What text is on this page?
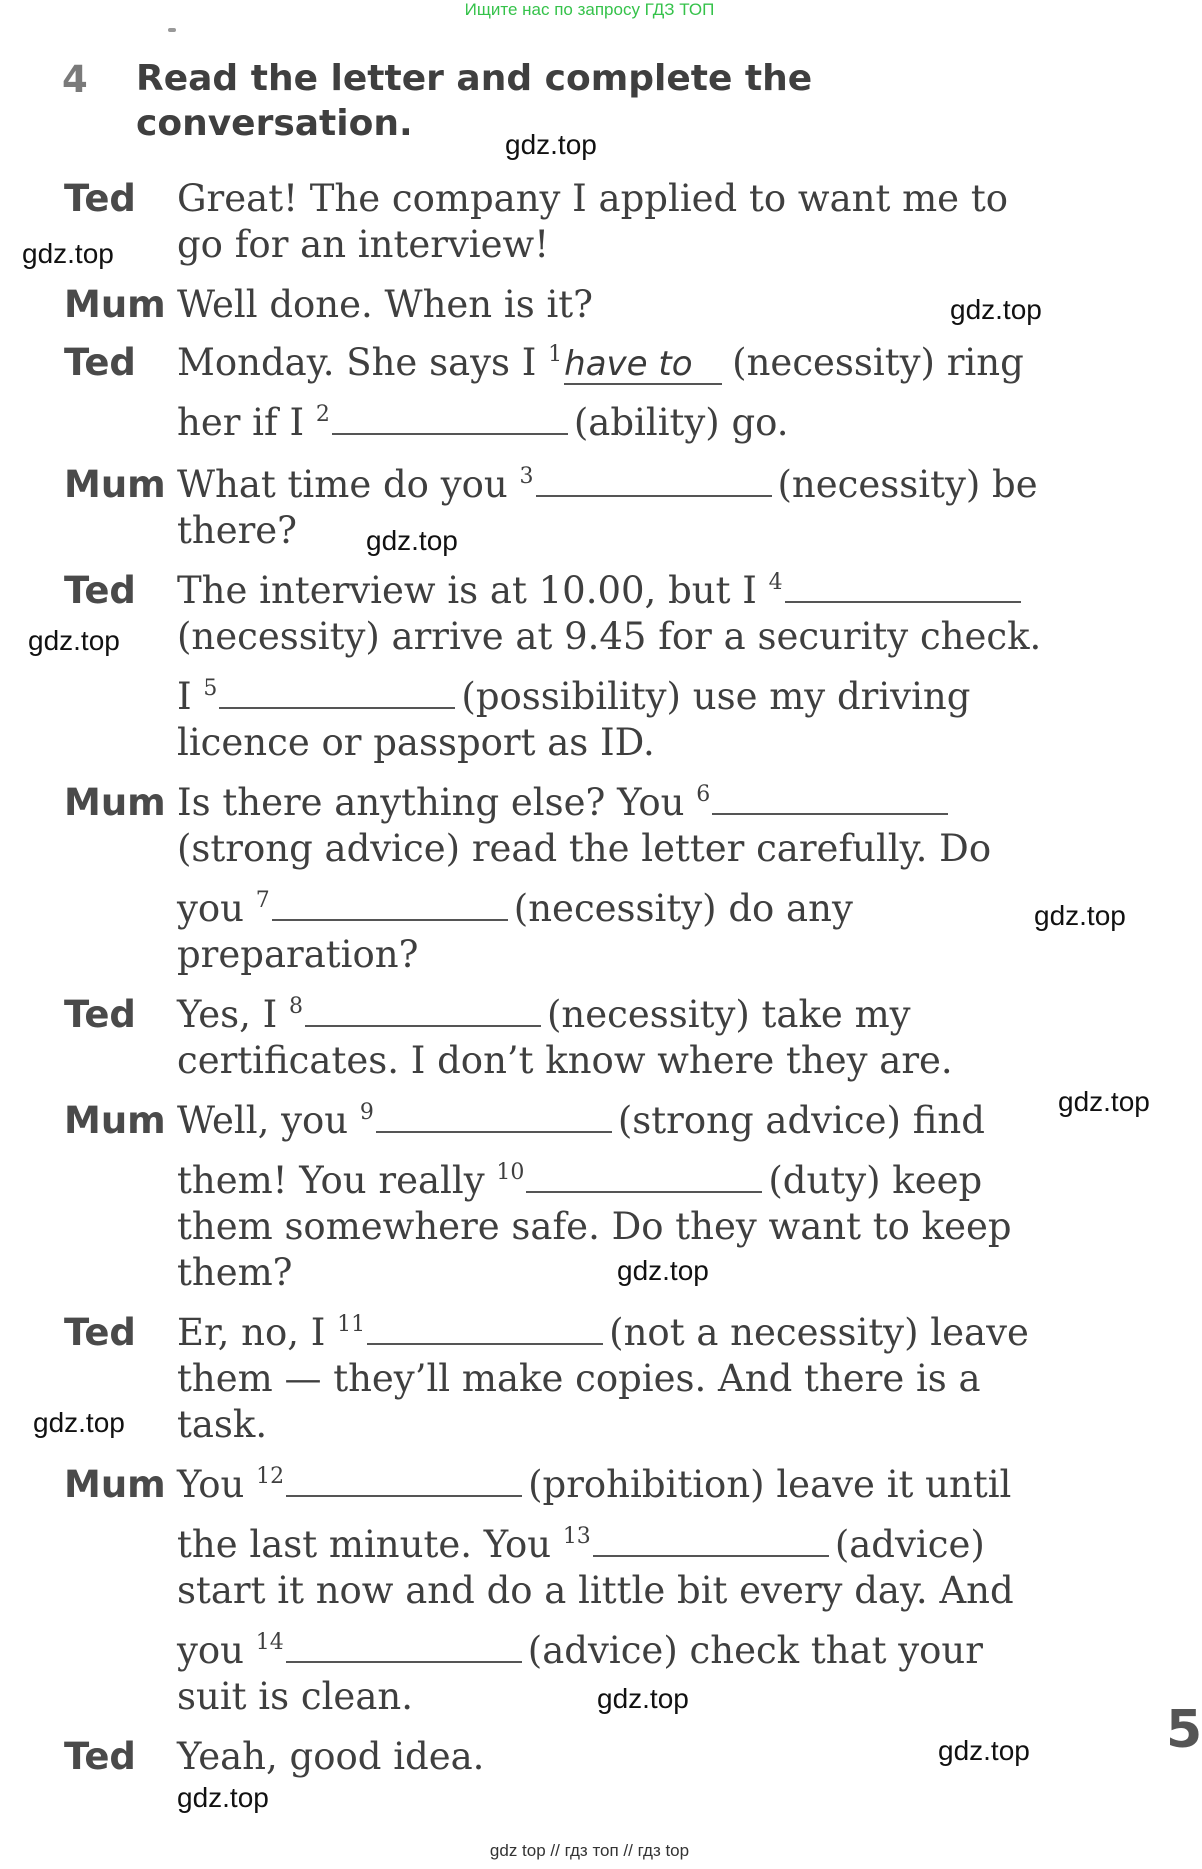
Ищите нас по запросу ГДЗ ТОП
4 Read the letter and complete the
conversation.
Ted	Great! The company I applied to want me to
go for an interview!
Mum Well done. When is it?
Ted	Monday. She says I $^1$have to (necessity) ring
her if I $^2$	(ability) go.
Mum What time do you $^3$	(necessity) be
there?
Ted	The interview is at 10.00, but I $^4$
(necessity) arrive at 9.45 for a security check.
I $^5$	(possibility) use my driving
licence or passport as ID.
Mum Is there anything else? You $^6$
(strong advice) read the letter carefully. Do
you $^7$	(necessity) do any
preparation?
Ted	Yes, I $^8$	(necessity) take my
certificates. I don’t know where they are.
Mum Well, you $^9$	(strong advice) find
them! You really $^{10}$	(duty) keep
them somewhere safe. Do they want to keep
them?
Ted	Er, no, I $^{11}$	(not a necessity) leave
them — they’ll make copies. And there is a
task.
Mum You $^{12}$	(prohibition) leave it until
the last minute. You $^{13}$	(advice)
start it now and do a little bit every day. And
you $^{14}$	(advice) check that your
suit is clean.
Ted	Yeah, good idea.
gdz.top
gdz.top
gdz.top
gdz.top
gdz.top
gdz.top
gdz.top
gdz.top
gdz.top
gdz.top
gdz.top
gdz.top
5
gdz top // гдз топ // гдз top
